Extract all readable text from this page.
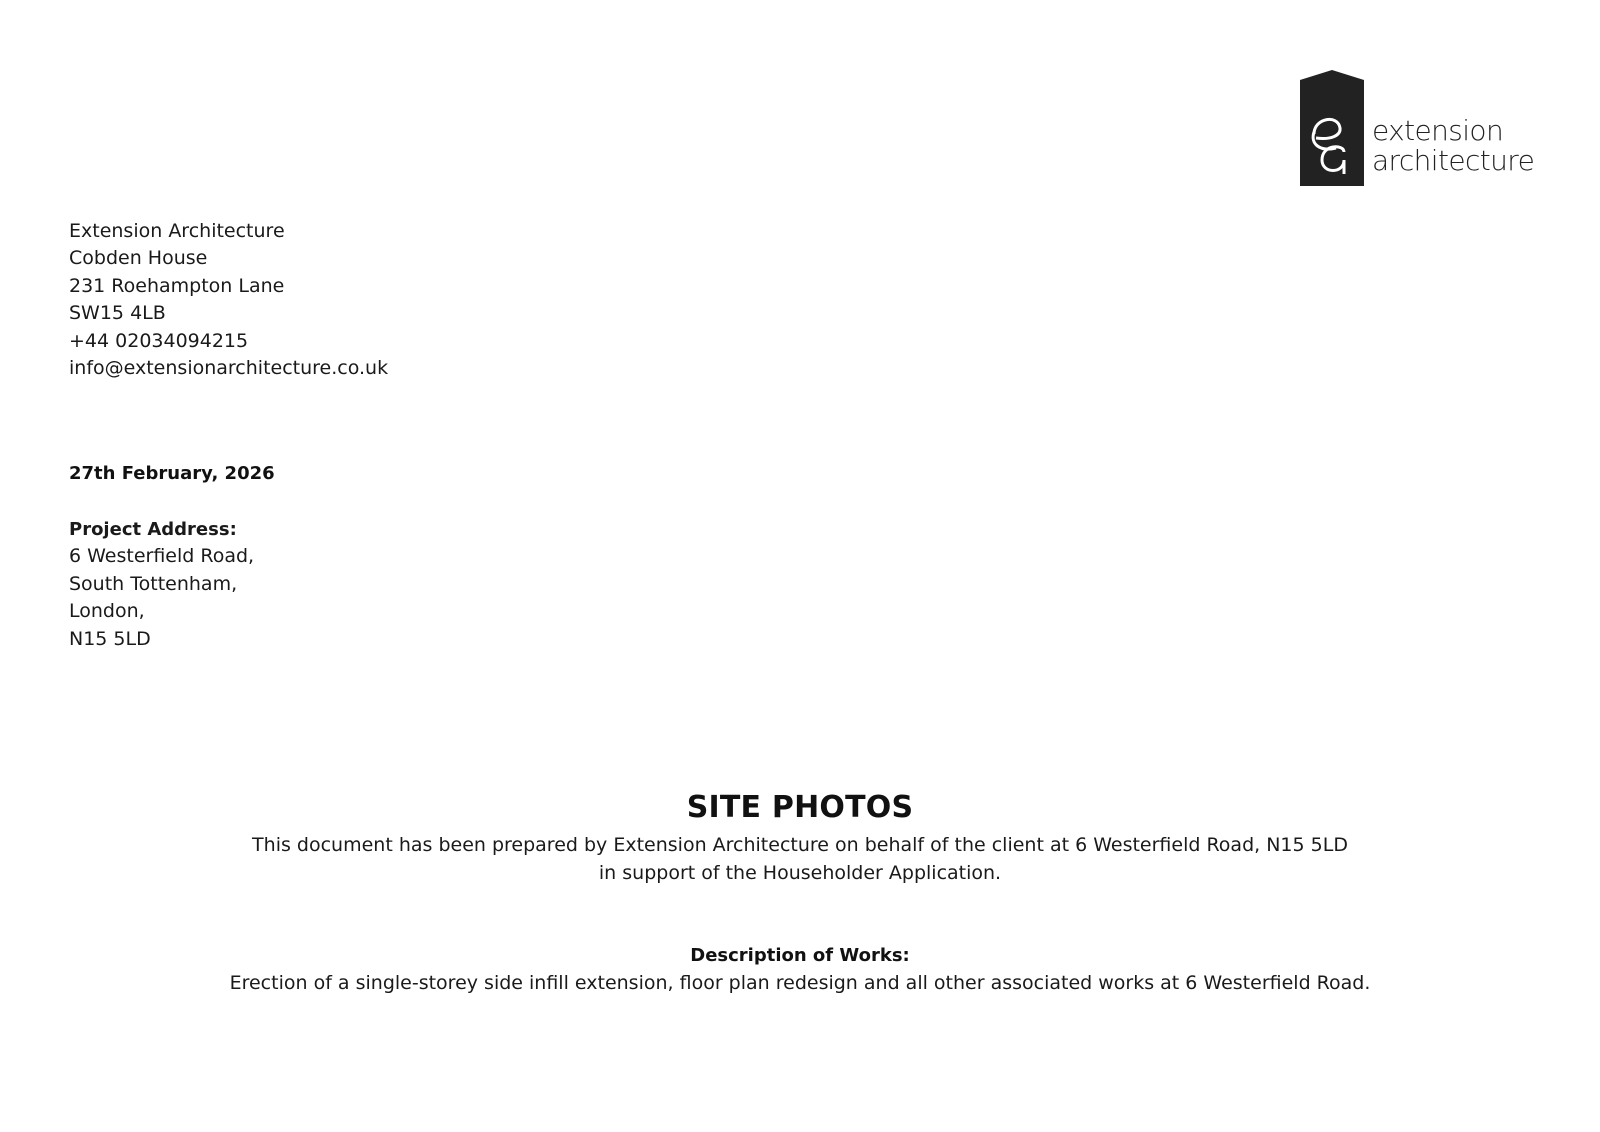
extension
architecture
Extension Architecture
Cobden House
231 Roehampton Lane
SW15 4LB
+44 02034094215
info@extensionarchitecture.co.uk
27th February, 2026
Project Address:
6 Westerfield Road,
South Tottenham,
London,
N15 5LD
SITE PHOTOS
This document has been prepared by Extension Architecture on behalf of the client at 6 Westerfield Road, N15 5LD
in support of the Householder Application.
Description of Works:
Erection of a single-storey side infill extension, floor plan redesign and all other associated works at 6 Westerfield Road.
